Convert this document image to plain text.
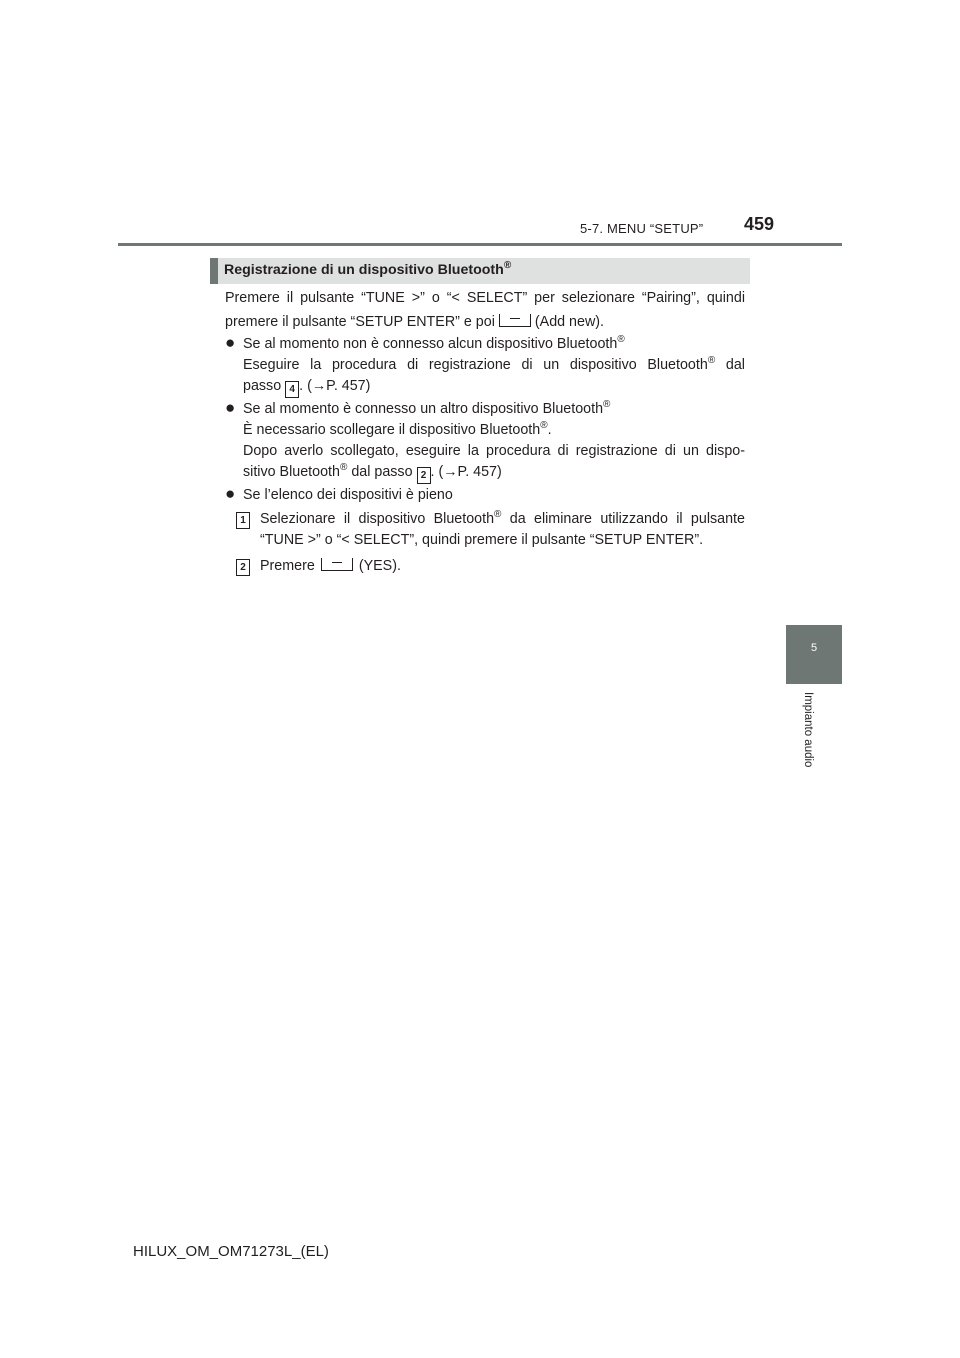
5-7. MENU “SETUP” 459
5
Impianto audio
Registrazione di un dispositivo Bluetooth®
Premere il pulsante “TUNE >” o “< SELECT” per selezionare “Pairing”, quindi
premere il pulsante “SETUP ENTER” e poi	(Add new).
● Se al momento non è connesso alcun dispositivo Bluetooth®
Eseguire la procedura di registrazione di un dispositivo Bluetooth® dal
passo 4 . (→P. 457)
● Se al momento è connesso un altro dispositivo Bluetooth®
È necessario scollegare il dispositivo Bluetooth®.
Dopo averlo scollegato, eseguire la procedura di registrazione di un dispo-
sitivo Bluetooth® dal passo 2 . (→P. 457)
● Se l’elenco dei dispositivi è pieno
1 Selezionare il dispositivo Bluetooth® da eliminare utilizzando il pulsante
“TUNE >” o “< SELECT”, quindi premere il pulsante “SETUP ENTER”.
2 Premere	(YES).
HILUX_OM_OM71273L_(EL)
